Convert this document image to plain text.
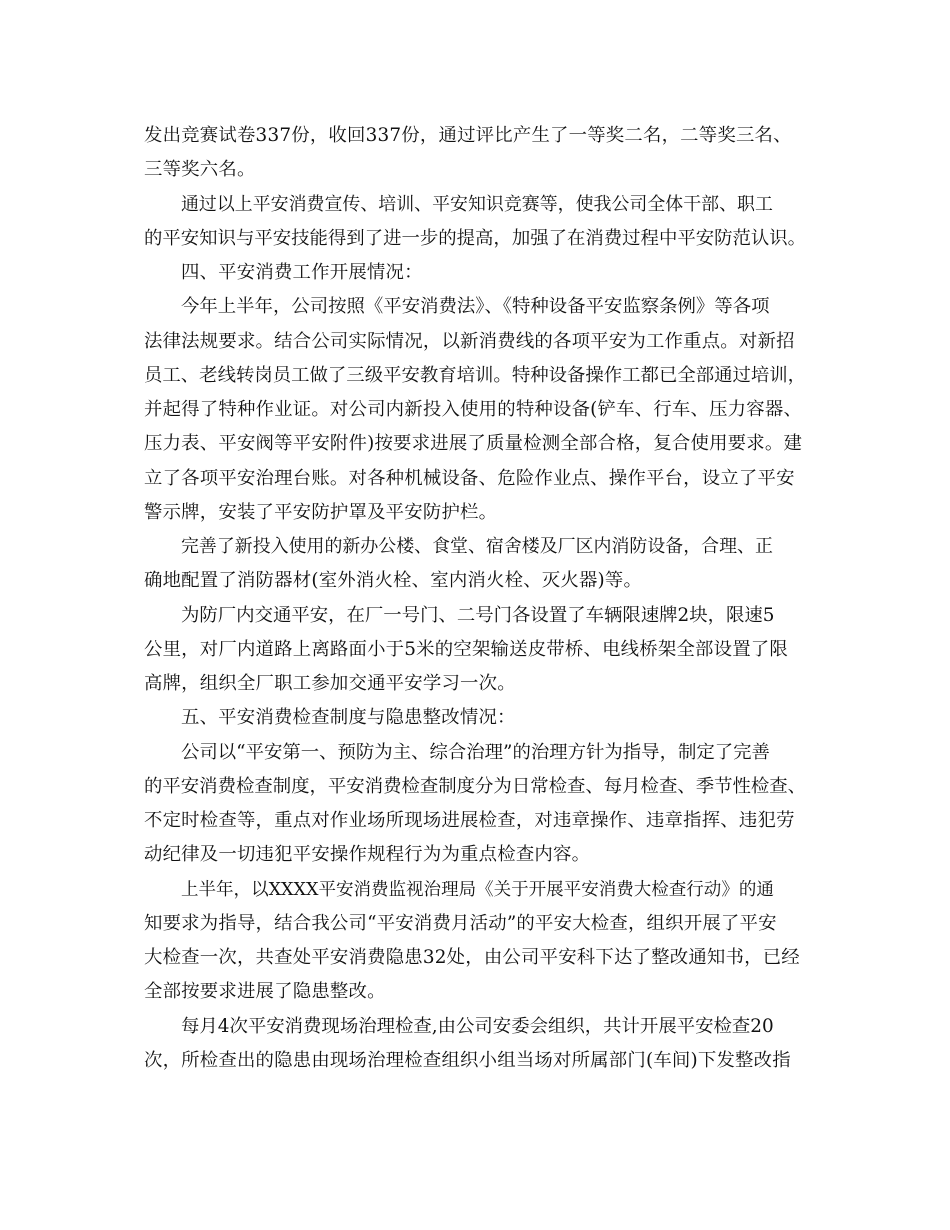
发出竞赛试卷337份，收回337份，通过评比产生了一等奖二名，二等奖三名、
三等奖六名。
通过以上平安消费宣传、培训、平安知识竞赛等，使我公司全体干部、职工
的平安知识与平安技能得到了进一步的提高，加强了在消费过程中平安防范认识。
四、平安消费工作开展情况：
今年上半年，公司按照《平安消费法》、《特种设备平安监察条例》等各项
法律法规要求。结合公司实际情况，以新消费线的各项平安为工作重点。对新招
员工、老线转岗员工做了三级平安教育培训。特种设备操作工都已全部通过培训，
并起得了特种作业证。对公司内新投入使用的特种设备(铲车、行车、压力容器、
压力表、平安阀等平安附件)按要求进展了质量检测全部合格，复合使用要求。建
立了各项平安治理台账。对各种机械设备、危险作业点、操作平台，设立了平安
警示牌，安装了平安防护罩及平安防护栏。
完善了新投入使用的新办公楼、食堂、宿舍楼及厂区内消防设备，合理、正
确地配置了消防器材(室外消火栓、室内消火栓、灭火器)等。
为防厂内交通平安，在厂一号门、二号门各设置了车辆限速牌2块，限速5
公里，对厂内道路上离路面小于5米的空架输送皮带桥、电线桥架全部设置了限
高牌，组织全厂职工参加交通平安学习一次。
五、平安消费检查制度与隐患整改情况：
公司以“平安第一、预防为主、综合治理”的治理方针为指导，制定了完善
的平安消费检查制度，平安消费检查制度分为日常检查、每月检查、季节性检查、
不定时检查等，重点对作业场所现场进展检查，对违章操作、违章指挥、违犯劳
动纪律及一切违犯平安操作规程行为为重点检查内容。
上半年，以XXXX平安消费监视治理局《关于开展平安消费大检查行动》的通
知要求为指导，结合我公司“平安消费月活动”的平安大检查，组织开展了平安
大检查一次，共查处平安消费隐患32处，由公司平安科下达了整改通知书，已经
全部按要求进展了隐患整改。
每月4次平安消费现场治理检查,由公司安委会组织，共计开展平安检查20
次，所检查出的隐患由现场治理检查组织小组当场对所属部门(车间)下发整改指
